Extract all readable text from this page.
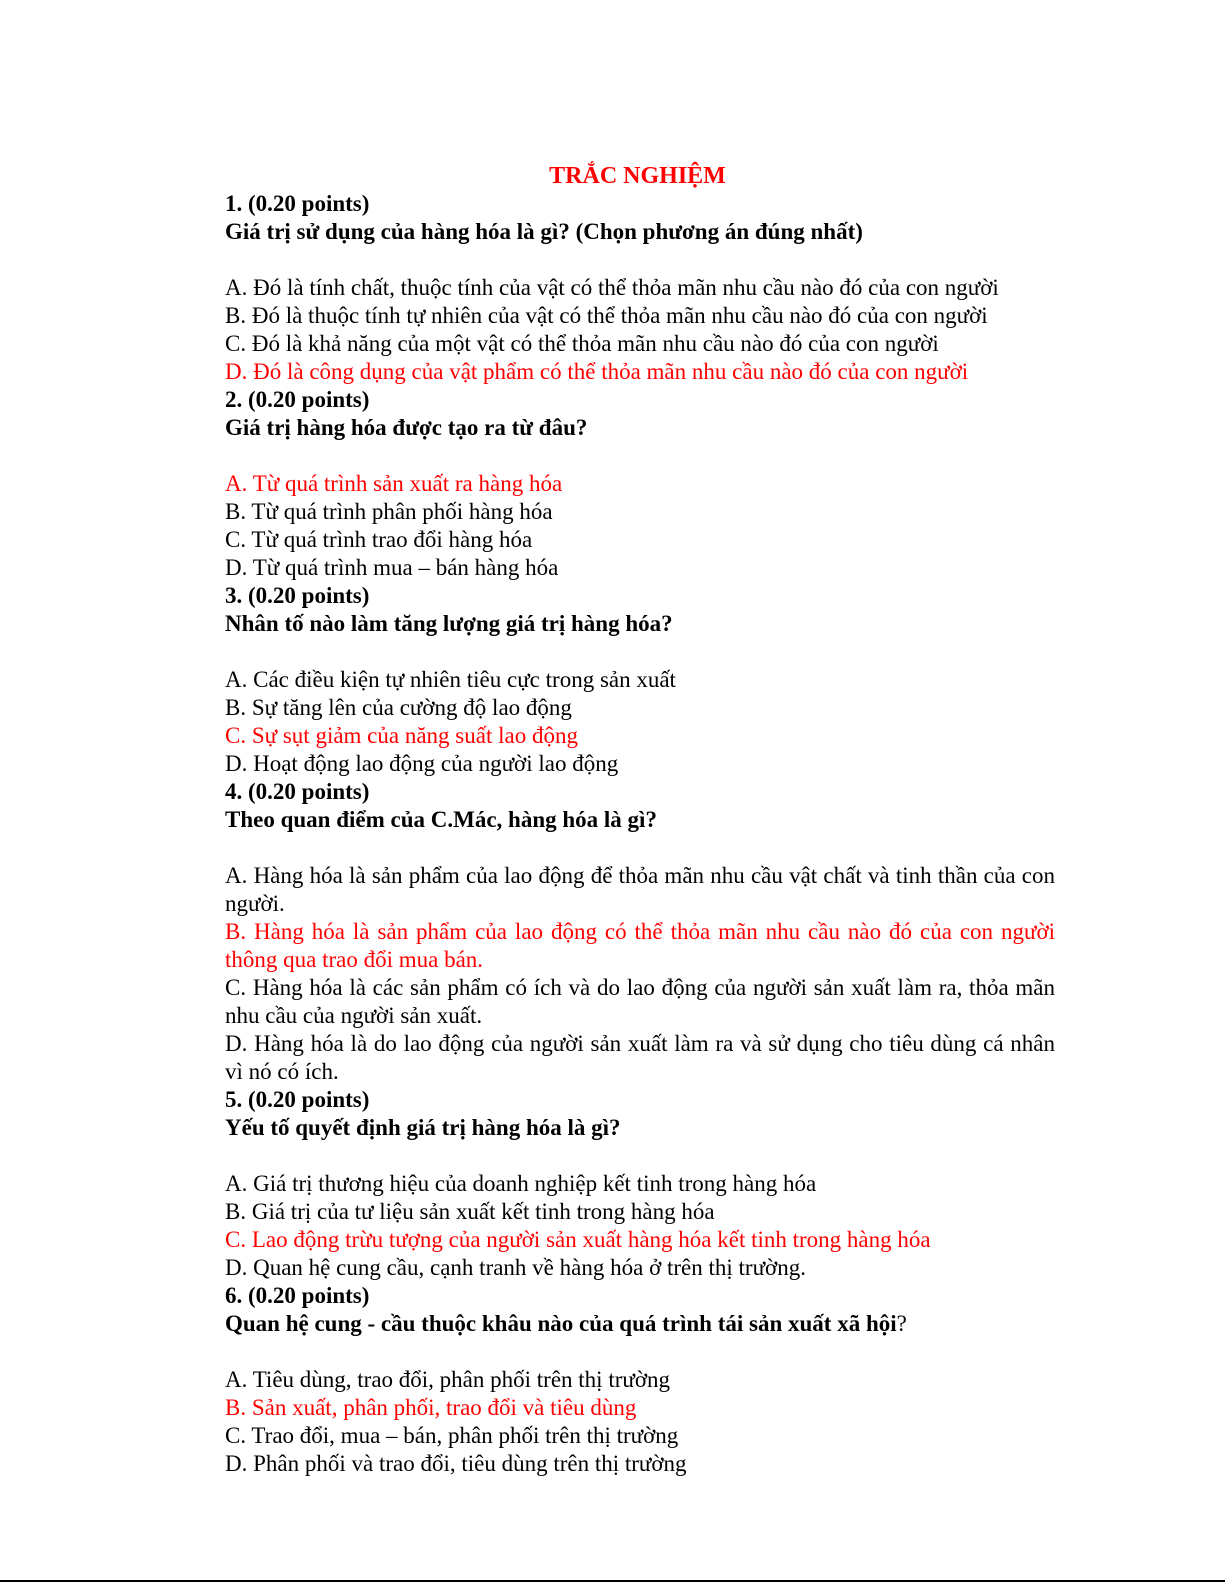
TRẮC NGHIỆM
1. (0.20 points)
Giá trị sử dụng của hàng hóa là gì? (Chọn phương án đúng nhất)
A. Đó là tính chất, thuộc tính của vật có thể thỏa mãn nhu cầu nào đó của con người
B. Đó là thuộc tính tự nhiên của vật có thể thỏa mãn nhu cầu nào đó của con người
C. Đó là khả năng của một vật có thể thỏa mãn nhu cầu nào đó của con người
D. Đó là công dụng của vật phẩm có thể thỏa mãn nhu cầu nào đó của con người
2. (0.20 points)
Giá trị hàng hóa được tạo ra từ đâu?
A. Từ quá trình sản xuất ra hàng hóa
B. Từ quá trình phân phối hàng hóa
C. Từ quá trình trao đổi hàng hóa
D. Từ quá trình mua – bán hàng hóa
3. (0.20 points)
Nhân tố nào làm tăng lượng giá trị hàng hóa?
A. Các điều kiện tự nhiên tiêu cực trong sản xuất
B. Sự tăng lên của cường độ lao động
C. Sự sụt giảm của năng suất lao động
D. Hoạt động lao động của người lao động
4. (0.20 points)
Theo quan điểm của C.Mác, hàng hóa là gì?
A. Hàng hóa là sản phẩm của lao động để thỏa mãn nhu cầu vật chất và tinh thần của con người.
B. Hàng hóa là sản phẩm của lao động có thể thỏa mãn nhu cầu nào đó của con người thông qua trao đổi mua bán.
C. Hàng hóa là các sản phẩm có ích và do lao động của người sản xuất làm ra, thỏa mãn nhu cầu của người sản xuất.
D. Hàng hóa là do lao động của người sản xuất làm ra và sử dụng cho tiêu dùng cá nhân vì nó có ích.
5. (0.20 points)
Yếu tố quyết định giá trị hàng hóa là gì?
A. Giá trị thương hiệu của doanh nghiệp kết tinh trong hàng hóa
B. Giá trị của tư liệu sản xuất kết tinh trong hàng hóa
C. Lao động trừu tượng của người sản xuất hàng hóa kết tinh trong hàng hóa
D. Quan hệ cung cầu, cạnh tranh về hàng hóa ở trên thị trường.
6. (0.20 points)
Quan hệ cung - cầu thuộc khâu nào của quá trình tái sản xuất xã hội?
A. Tiêu dùng, trao đổi, phân phối trên thị trường
B. Sản xuất, phân phối, trao đổi và tiêu dùng
C. Trao đổi, mua – bán, phân phối trên thị trường
D. Phân phối và trao đổi, tiêu dùng trên thị trường
